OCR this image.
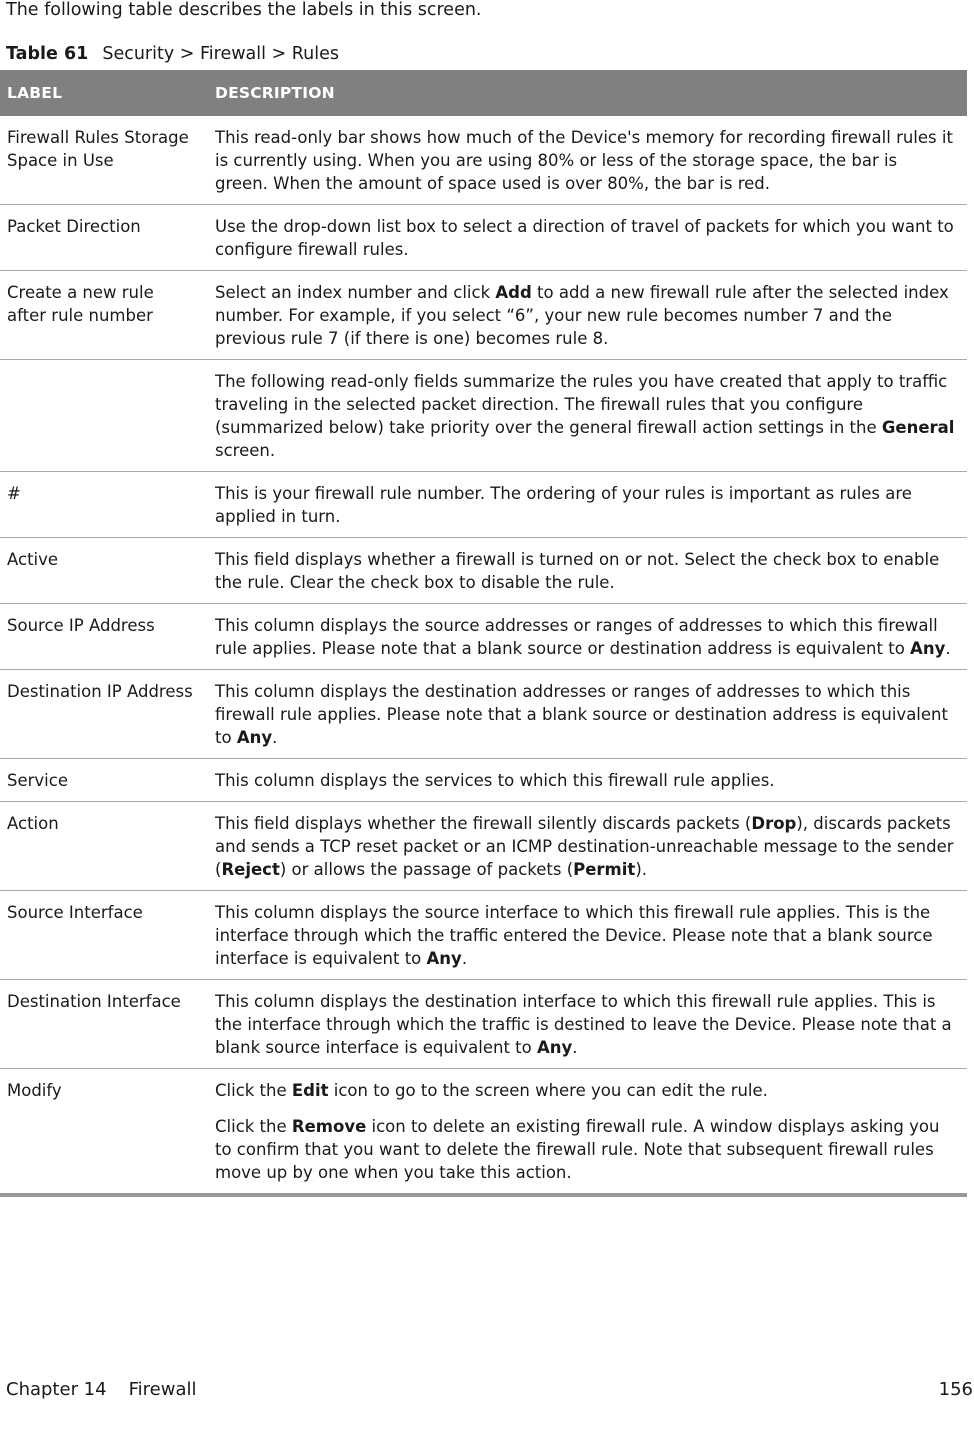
The following table describes the labels in this screen.
Table 61 Security > Firewall > Rules
LABEL	DESCRIPTION
Firewall Rules Storage Space in Use	This read-only bar shows how much of the Device's memory for recording firewall rules it is currently using. When you are using 80% or less of the storage space, the bar is green. When the amount of space used is over 80%, the bar is red.
Packet Direction	Use the drop-down list box to select a direction of travel of packets for which you want to configure firewall rules.
Create a new rule after rule number	Select an index number and click Add to add a new firewall rule after the selected index number. For example, if you select “6”, your new rule becomes number 7 and the previous rule 7 (if there is one) becomes rule 8.
	The following read-only fields summarize the rules you have created that apply to traffic traveling in the selected packet direction. The firewall rules that you configure (summarized below) take priority over the general firewall action settings in the General screen.
#	This is your firewall rule number. The ordering of your rules is important as rules are applied in turn.
Active	This field displays whether a firewall is turned on or not. Select the check box to enable the rule. Clear the check box to disable the rule.
Source IP Address	This column displays the source addresses or ranges of addresses to which this firewall rule applies. Please note that a blank source or destination address is equivalent to Any.
Destination IP Address	This column displays the destination addresses or ranges of addresses to which this firewall rule applies. Please note that a blank source or destination address is equivalent to Any.
Service	This column displays the services to which this firewall rule applies.
Action	This field displays whether the firewall silently discards packets (Drop), discards packets and sends a TCP reset packet or an ICMP destination-unreachable message to the sender (Reject) or allows the passage of packets (Permit).
Source Interface	This column displays the source interface to which this firewall rule applies. This is the interface through which the traffic entered the Device. Please note that a blank source interface is equivalent to Any.
Destination Interface	This column displays the destination interface to which this firewall rule applies. This is the interface through which the traffic is destined to leave the Device. Please note that a blank source interface is equivalent to Any.
Modify	Click the Edit icon to go to the screen where you can edit the rule.

Click the Remove icon to delete an existing firewall rule. A window displays asking you to confirm that you want to delete the firewall rule. Note that subsequent firewall rules move up by one when you take this action.

Chapter 14 Firewall	156
